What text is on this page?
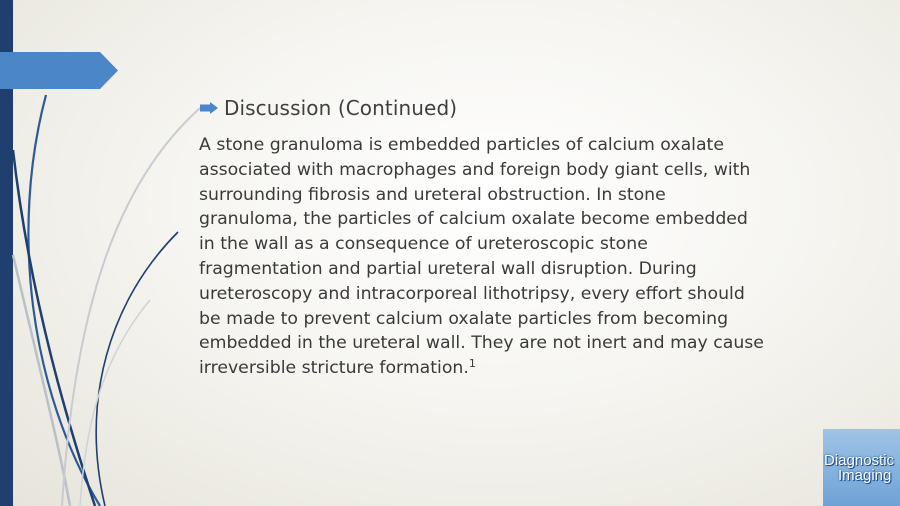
Discussion (Continued)
A stone granuloma is embedded particles of calcium oxalate associated with macrophages and foreign body giant cells, with surrounding fibrosis and ureteral obstruction. In stone granuloma, the particles of calcium oxalate become embedded in the wall as a consequence of ureteroscopic stone fragmentation and partial ureteral wall disruption. During ureteroscopy and intracorporeal lithotripsy, every effort should be made to prevent calcium oxalate particles from becoming embedded in the ureteral wall. They are not inert and may cause irreversible stricture formation.$^1$
Diagnostic
Imaging
